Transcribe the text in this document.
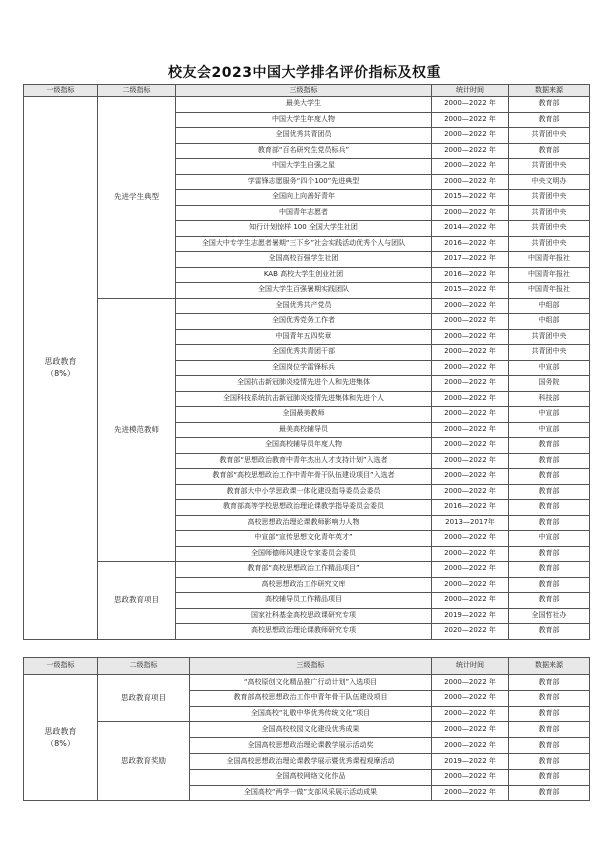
校友会2023中国大学排名评价指标及权重
一级指标	二级指标	三级指标	统计时间	数据来源

思政教育
（8%）	先进学生典型	最美大学生	2000—2022 年	教育部
		中国大学生年度人物	2000—2022 年	教育部
		全国优秀共青团员	2000—2022 年	共青团中央
		教育部“百名研究生党员标兵”	2000—2022 年	教育部
		中国大学生自强之星	2000—2022 年	共青团中央
		学雷锋志愿服务“四个100”先进典型	2000—2022 年	中央文明办
		全国向上向善好青年	2015—2022 年	共青团中央
		中国青年志愿者	2000—2022 年	共青团中央
		知行计划惊样 100 全国大学生社团	2014—2022 年	共青团中央
		全国大中专学生志愿者暑期“三下乡”社会实践活动优秀个人与团队	2016—2022 年	共青团中央
		全国高校百强学生社团	2017—2022 年	中国青年报社
		KAB 高校大学生创业社团	2016—2022 年	中国青年报社
		全国大学生百强暑期实践团队	2015—2022 年	中国青年报社
	先进模范教师	全国优秀共产党员	2000—2022 年	中组部
		全国优秀党务工作者	2000—2022 年	中组部
		中国青年五四奖章	2000—2022 年	共青团中央
		全国优秀共青团干部	2000—2022 年	共青团中央
		全国岗位学雷锋标兵	2000—2022 年	中宣部
		全国抗击新冠肺炎疫情先进个人和先进集体	2000—2022 年	国务院
		全国科技系统抗击新冠肺炎疫情先进集体和先进个人	2000—2022 年	科技部
		全国最美教师	2000—2022 年	中宣部
		最美高校辅导员	2000—2022 年	中宣部
		全国高校辅导员年度人物	2000—2022 年	教育部
		教育部“思想政治教育中青年杰出人才支持计划”入选者	2000—2022 年	教育部
		教育部“高校思想政治工作中青年骨干队伍建设项目”入选者	2000—2022 年	教育部
		教育部大中小学思政课一体化建设指导委员会委员	2000—2022 年	教育部
		教育部高等学校思想政治理论课教学指导委员会委员	2016—2022 年	教育部
		高校思想政治理论课教师影响力人物	2013—2017年	教育部
		中宣部“宣传思想文化青年英才”	2000—2022 年	中宣部
		全国师德师风建设专家委员会委员	2000—2022 年	教育部
	思政教育项目	教育部“高校思想政治工作精品项目”	2000—2022 年	教育部
		高校思想政治工作研究文库	2000—2022 年	教育部
		高校辅导员工作精品项目	2000—2022 年	教育部
		国家社科基金高校思政课研究专项	2019—2022 年	全国哲社办
		高校思想政治理论课教师研究专项	2020—2022 年	教育部
一级指标	二级指标	三级指标	统计时间	数据来源

思政教育
（8%）	思政教育项目	“高校原创文化精品推广行动计划”入选项目	2000—2022 年	教育部
		教育部高校思想政治工作中青年骨干队伍建设项目	2000—2022 年	教育部
		全国高校“礼敬中华优秀传统文化”项目	2000—2022 年	教育部
	思政教育奖励	全国高校校园文化建设优秀成果	2000—2022 年	教育部
		全国高校思想政治理论课教学展示活动奖	2000—2022 年	教育部
		全国高校思想政治理论课教学展示暨优秀课程观摩活动	2019—2022 年	教育部
		全国高校网络文化作品	2000—2022 年	教育部
		全国高校“两学一做”支部风采展示活动成果	2000—2022 年	教育部
